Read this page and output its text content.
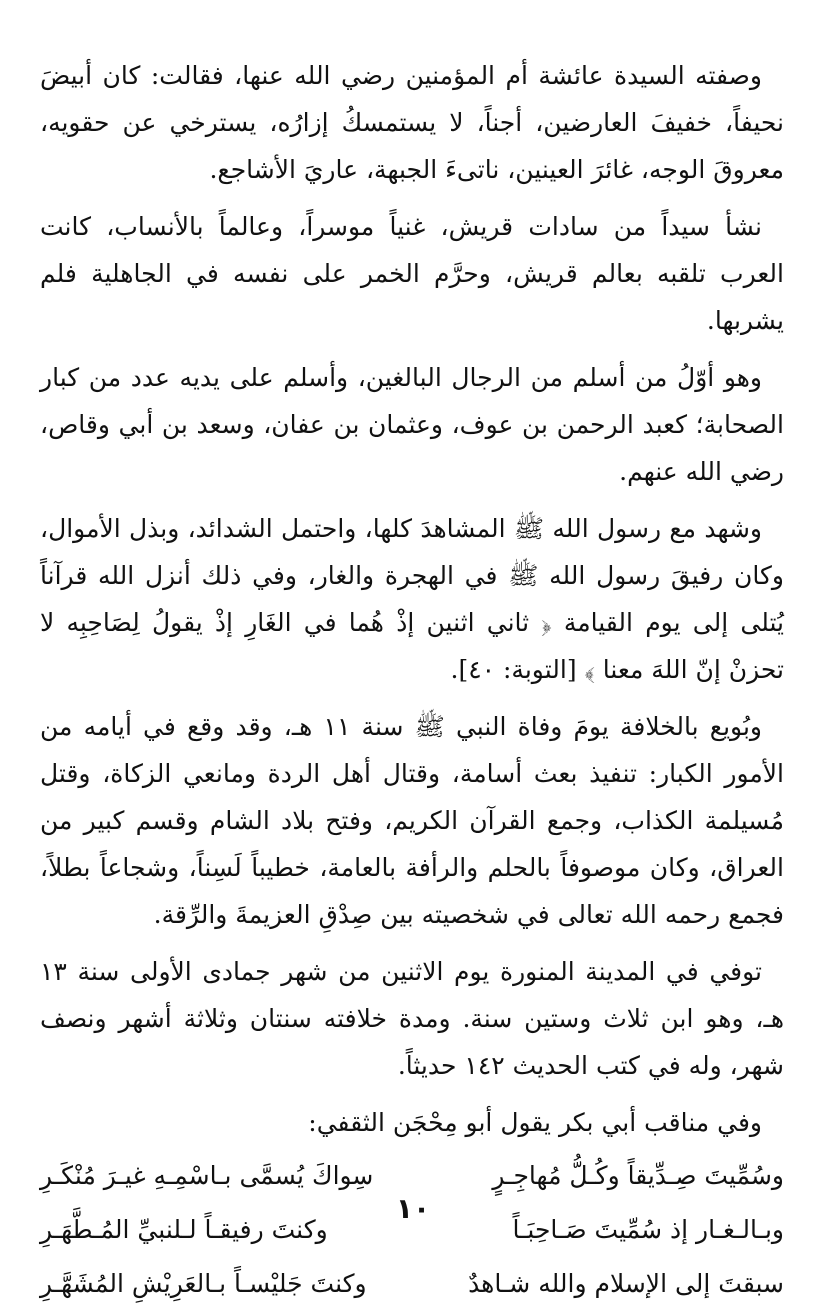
وصفته السيدة عائشة أم المؤمنين رضي الله عنها، فقالت: كان أبيضَ نحيفاً، خفيفَ العارضين، أجناً، لا يستمسكُ إزارُه، يسترخي عن حقويه، معروقَ الوجه، غائرَ العينين، ناتىءَ الجبهة، عاريَ الأشاجع.

نشأ سيداً من سادات قريش، غنياً موسراً، وعالماً بالأنساب، كانت العرب تلقبه بعالم قريش، وحرَّم الخمر على نفسه في الجاهلية فلم يشربها.

وهو أوّلُ من أسلم من الرجال البالغين، وأسلم على يديه عدد من كبار الصحابة؛ كعبد الرحمن بن عوف، وعثمان بن عفان، وسعد بن أبي وقاص، رضي الله عنهم.

وشهد مع رسول الله ﷺ المشاهدَ كلها، واحتمل الشدائد، وبذل الأموال، وكان رفيقَ رسول الله ﷺ في الهجرة والغار، وفي ذلك أنزل الله قرآناً يُتلى إلى يوم القيامة ﴿ ثاني اثنين إذْ هُما في الغَارِ إذْ يقولُ لِصَاحِبِه لا تحزنْ إنّ اللهَ معنا ﴾ [التوبة: ٤٠].

وبُويع بالخلافة يومَ وفاة النبي ﷺ سنة ١١ هـ، وقد وقع في أيامه من الأمور الكبار: تنفيذ بعث أسامة، وقتال أهل الردة ومانعي الزكاة، وقتل مُسيلمة الكذاب، وجمع القرآن الكريم، وفتح بلاد الشام وقسم كبير من العراق، وكان موصوفاً بالحلم والرأفة بالعامة، خطيباً لَسِناً، وشجاعاً بطلاً، فجمع رحمه الله تعالى في شخصيته بين صِدْقِ العزيمةَ والرِّقة.

توفي في المدينة المنورة يوم الاثنين من شهر جمادى الأولى سنة ١٣ هـ، وهو ابن ثلاث وستين سنة. ومدة خلافته سنتان وثلاثة أشهر ونصف شهر، وله في كتب الحديث ١٤٢ حديثاً.

وفي مناقب أبي بكر يقول أبو مِحْجَن الثقفي:

وسُمِّيتَ صِـدِّيقاً وكُـلُّ مُهاجِـرٍ
سِواكَ يُسمَّى بـاسْمِـهِ غيـرَ مُنْكَـرِ
وبـالـغـار إذ سُمِّيتَ صَـاحِبَـاً
وكنتَ رفيقـاً لـلنبيِّ المُـطَّهَـرِ
سبقتَ إلى الإسلام والله شـاهدٌ
وكنتَ جَليْسـاً بـالعَرِيْشِ المُشَهَّـرِ
١٠
